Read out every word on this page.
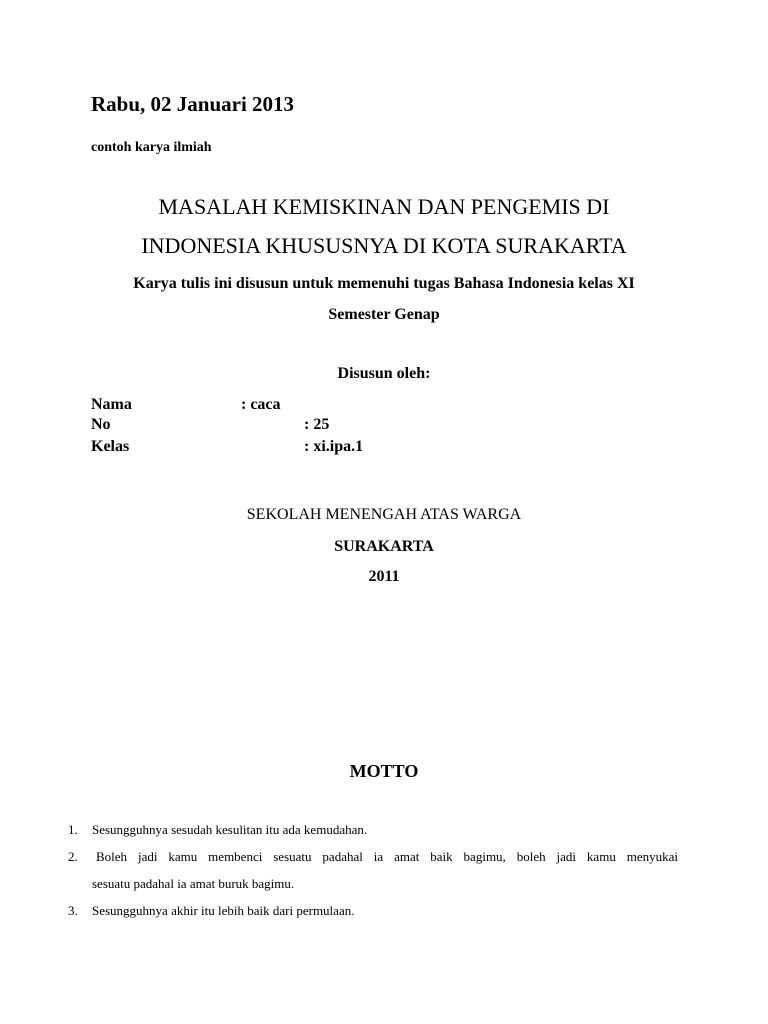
Rabu, 02 Januari 2013
contoh karya ilmiah
MASALAH KEMISKINAN DAN PENGEMIS DI
INDONESIA KHUSUSNYA DI KOTA SURAKARTA
Karya tulis ini disusun untuk memenuhi tugas Bahasa Indonesia kelas XI
Semester Genap
Disusun oleh:
Nama	: caca
No	: 25
Kelas	: xi.ipa.1
SEKOLAH MENENGAH ATAS WARGA
SURAKARTA
2011
MOTTO
1. Sesungguhnya sesudah kesulitan itu ada kemudahan.
2. Boleh jadi kamu membenci sesuatu padahal ia amat baik bagimu, boleh jadi kamu menyukai
sesuatu padahal ia amat buruk bagimu.
3. Sesungguhnya akhir itu lebih baik dari permulaan.
